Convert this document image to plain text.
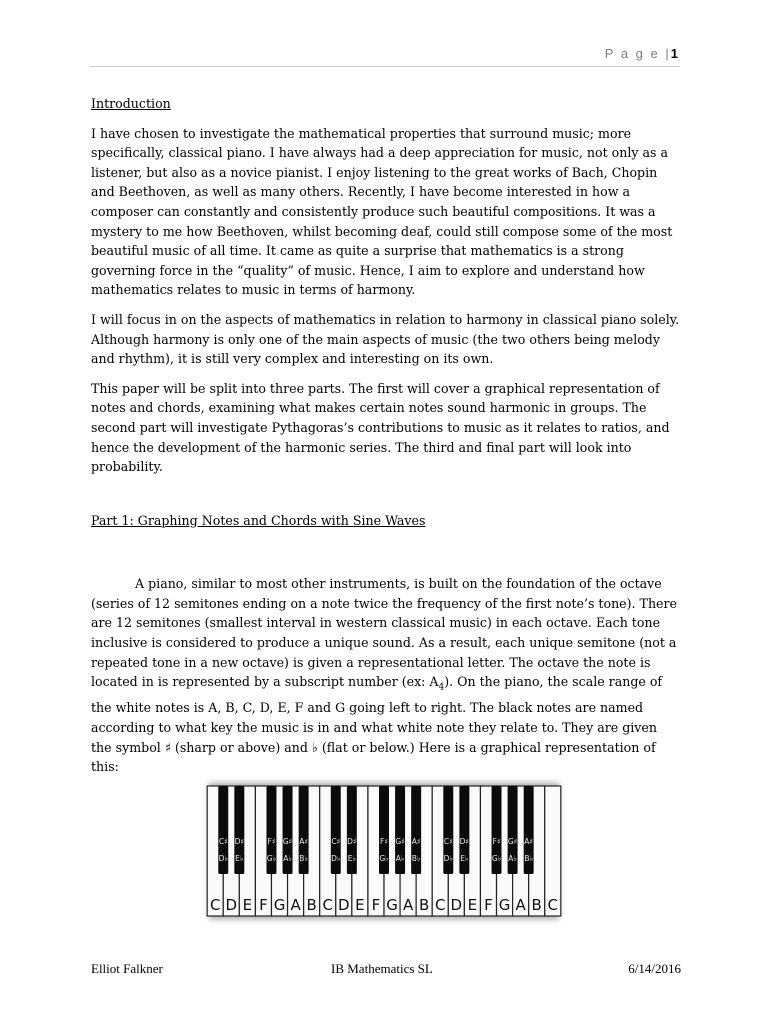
P a g e |1
Introduction

I have chosen to investigate the mathematical properties that surround music; more specifically, classical piano. I have always had a deep appreciation for music, not only as a listener, but also as a novice pianist. I enjoy listening to the great works of Bach, Chopin and Beethoven, as well as many others. Recently, I have become interested in how a composer can constantly and consistently produce such beautiful compositions. It was a mystery to me how Beethoven, whilst becoming deaf, could still compose some of the most beautiful music of all time. It came as quite a surprise that mathematics is a strong governing force in the “quality” of music. Hence, I aim to explore and understand how mathematics relates to music in terms of harmony.

I will focus in on the aspects of mathematics in relation to harmony in classical piano solely. Although harmony is only one of the main aspects of music (the two others being melody and rhythm), it is still very complex and interesting on its own.

This paper will be split into three parts. The first will cover a graphical representation of notes and chords, examining what makes certain notes sound harmonic in groups. The second part will investigate Pythagoras’s contributions to music as it relates to ratios, and hence the development of the harmonic series. The third and final part will look into probability.

Part 1: Graphing Notes and Chords with Sine Waves

A piano, similar to most other instruments, is built on the foundation of the octave (series of 12 semitones ending on a note twice the frequency of the first note’s tone). There are 12 semitones (smallest interval in western classical music) in each octave. Each tone inclusive is considered to produce a unique sound. As a result, each unique semitone (not a repeated tone in a new octave) is given a representational letter. The octave the note is located in is represented by a subscript number (ex: $A_4$). On the piano, the scale range of the white notes is A, B, C, D, E, F and G going left to right. The black notes are named according to what key the music is in and what white note they relate to. They are given the symbol ♯ (sharp or above) and ♭ (flat or below.) Here is a graphical representation of this:

C D E F G A B C D E F G A B C D E F G A B C
C♯
D♭
D♯
E♭
F♯
G♭
G♯
A♭
A♯
B♭
C♯
D♭
D♯
E♭
F♯
G♭
G♯
A♭
A♯
B♭
C♯
D♭
D♯
E♭
F♯
G♭
G♯
A♭
A♯
B♭
Elliot Falkner	IB Mathematics SL	6/14/2016
